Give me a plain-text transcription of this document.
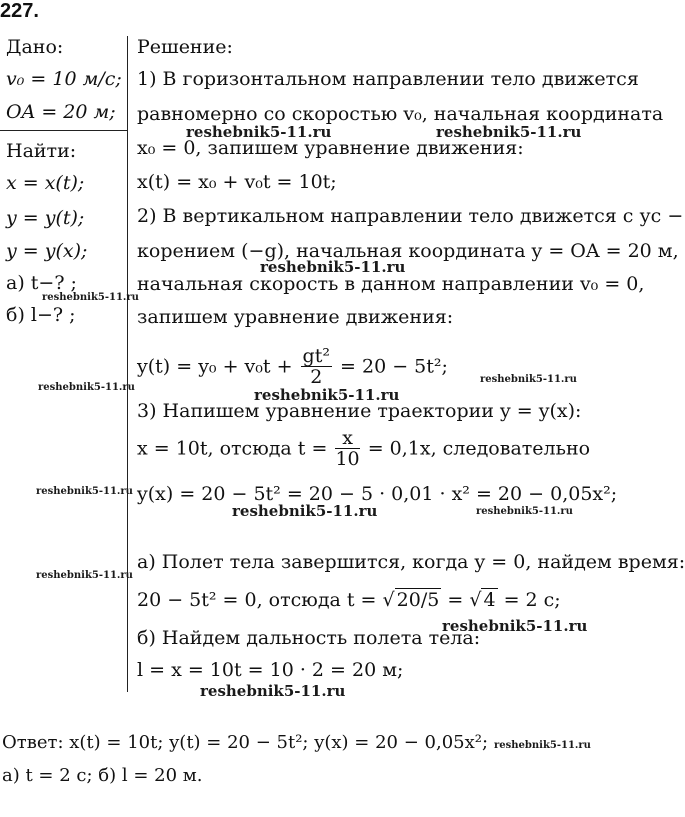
227.
Дано:
v₀ = 10 м/с;
OA = 20 м;
Найти:
x = x(t);
y = y(t);
y = y(x);
а) t−? ;
б) l−? ;
Решение:
1) В горизонтальном направлении тело движется
равномерно со скоростью v₀, начальная координата
x₀ = 0, запишем уравнение движения:
x(t) = x₀ + v₀t = 10t;
2) В вертикальном направлении тело движется с ус −
корением (−g), начальная координата y = OA = 20 м,
начальная скорость в данном направлении v₀ = 0,
запишем уравнение движения:
$y(t) = y_0 + v_0t + \frac{\text{gt²}}{2} = 20 - 5t^2$;
3) Напишем уравнение траектории y = y(x):
x = 10t, отсюда $t = \frac{x}{10} = 0,1x$, следовательно
y(x) = 20 − 5t² = 20 − 5 · 0,01 · x² = 20 − 0,05x²;
а) Полет тела завершится, когда y = 0, найдем время:
20 − 5t² = 0, отсюда t = √ 20/5 = √ 4 = 2 с;
б) Найдем дальность полета тела:
l = x = 10t = 10 · 2 = 20 м;
Ответ: x(t) = 10t; y(t) = 20 − 5t²; y(x) = 20 − 0,05x²;
а) t = 2 с; б) l = 20 м.
reshebnik5-11.ru	reshebnik5-11.ru
reshebnik5-11.ru
reshebnik5-11.ru
reshebnik5-11.ru	reshebnik5-11.ru
reshebnik5-11.ru
reshebnik5-11.ru
reshebnik5-11.ru	reshebnik5-11.ru
reshebnik5-11.ru
reshebnik5-11.ru
reshebnik5-11.ru
reshebnik5-11.ru
